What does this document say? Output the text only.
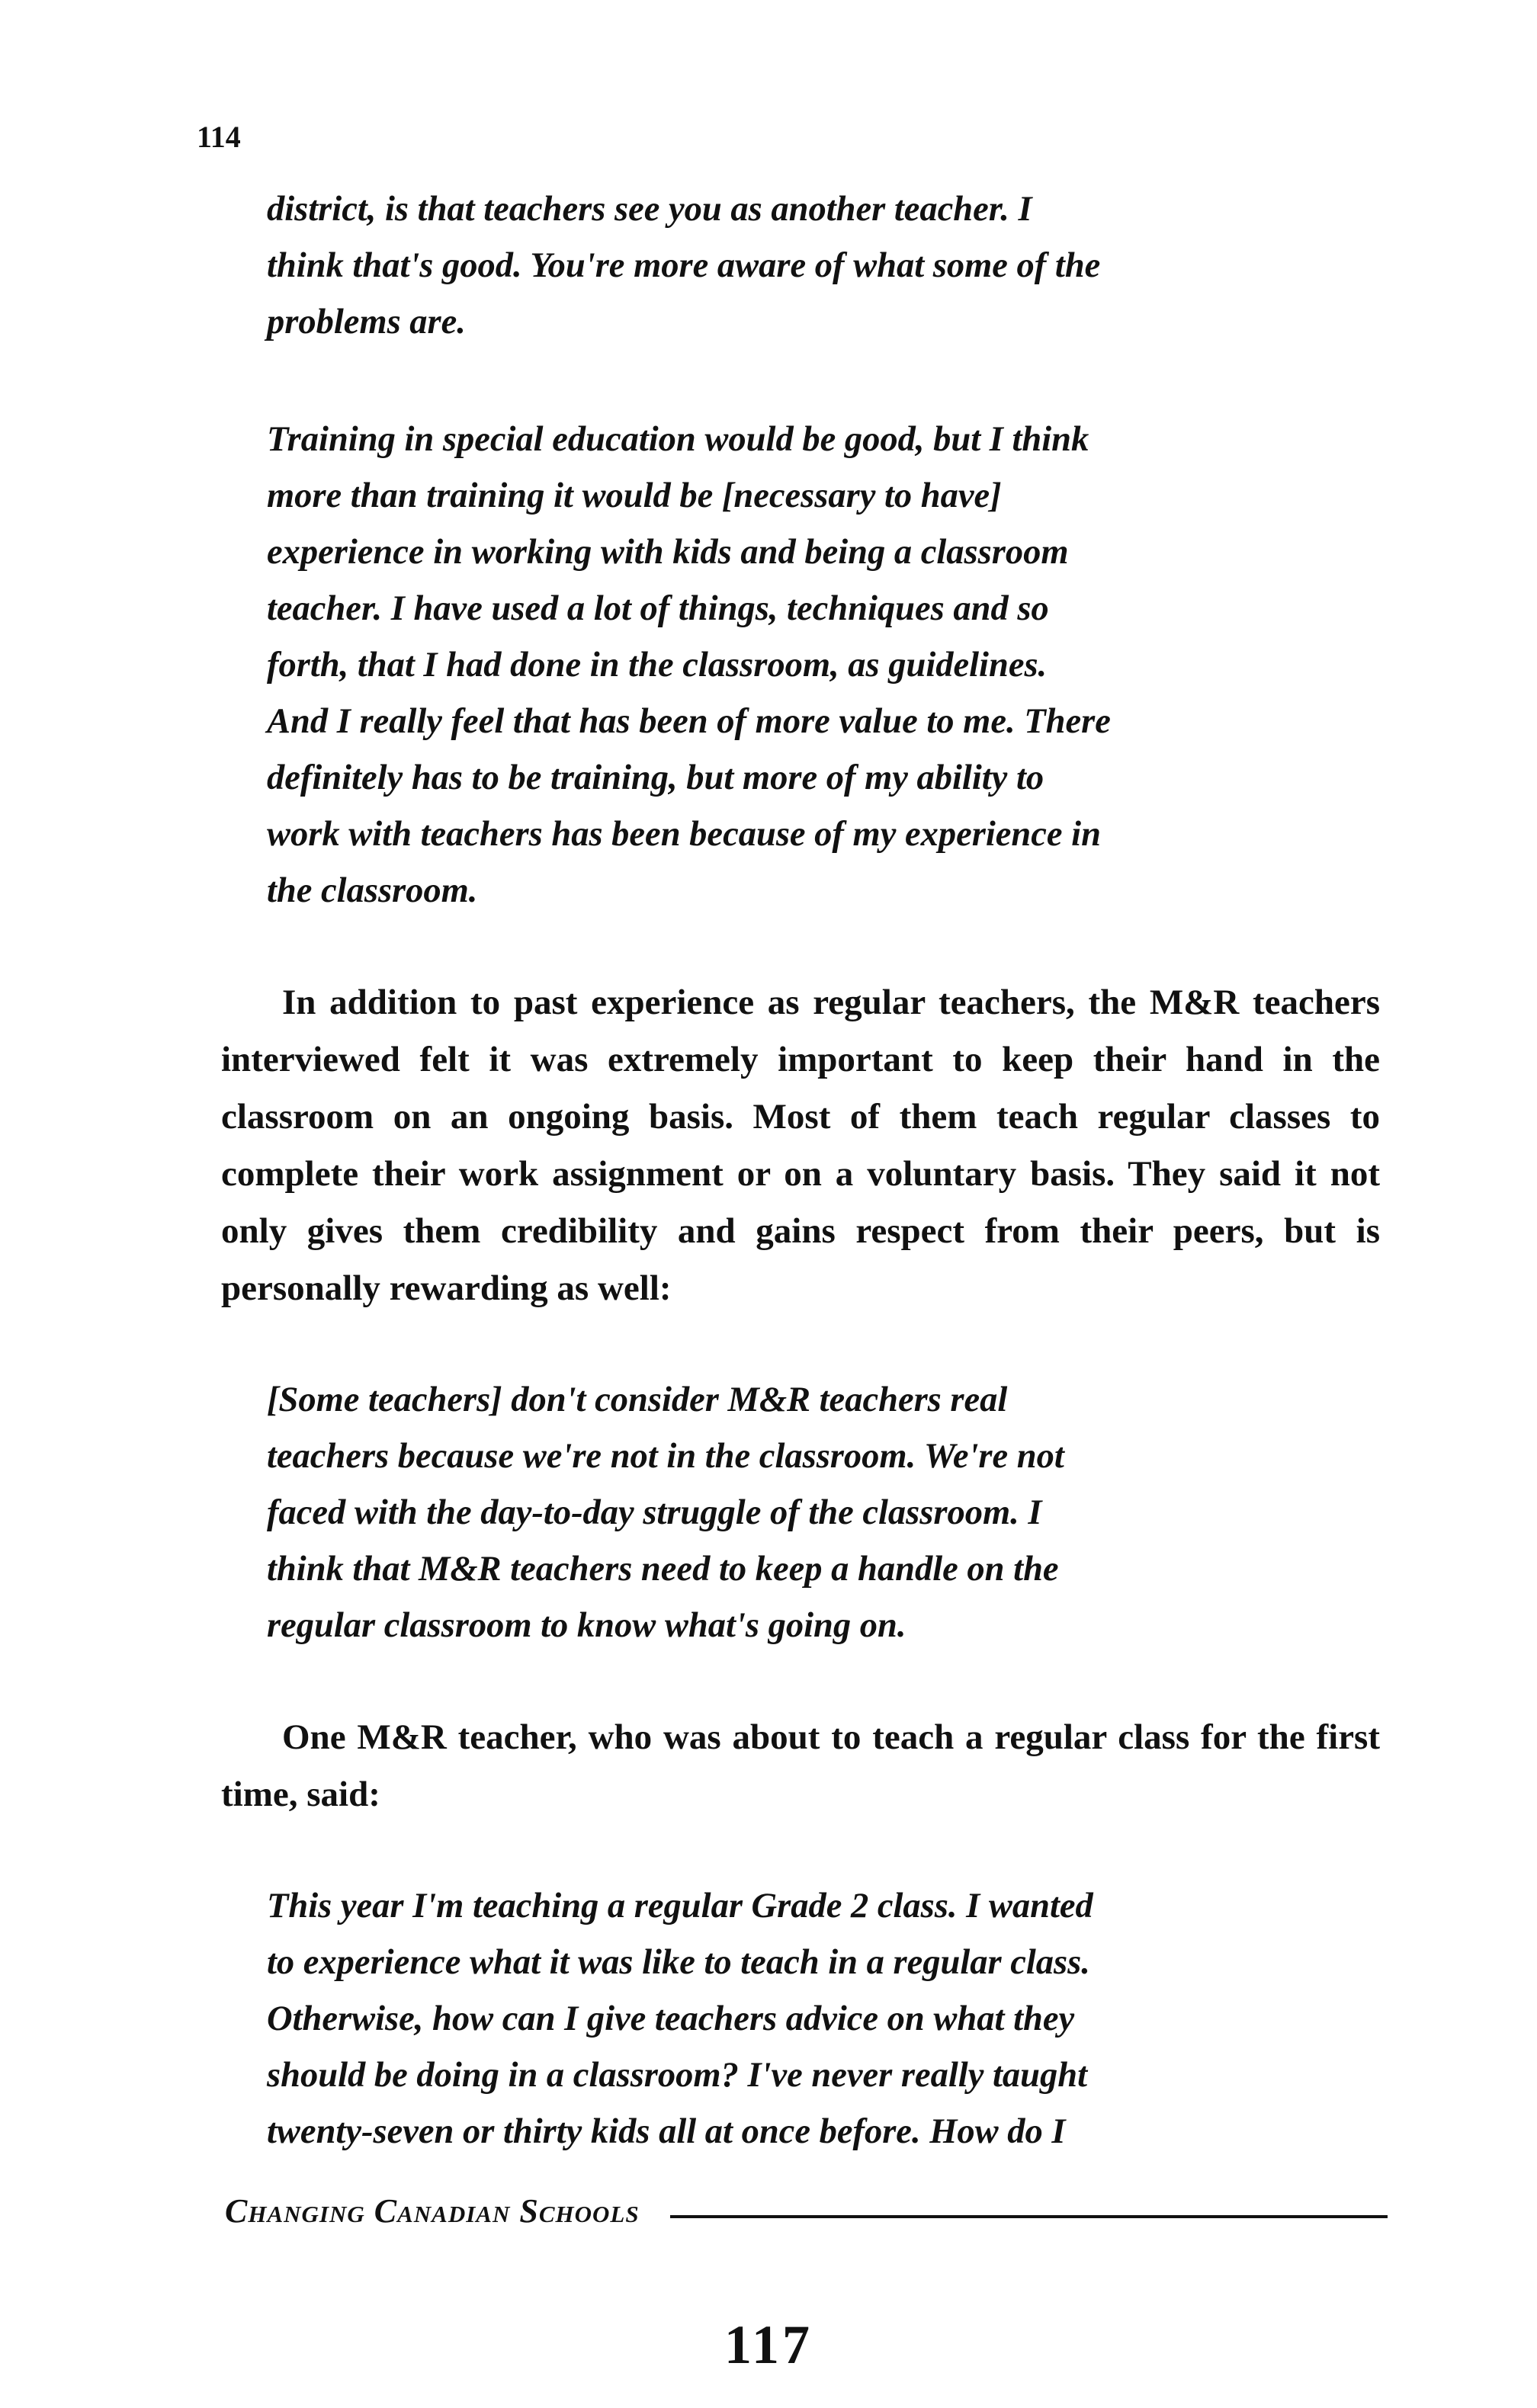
114
district, is that teachers see you as another teacher. I
think that's good. You're more aware of what some of the
problems are.
Training in special education would be good, but I think
more than training it would be [necessary to have]
experience in working with kids and being a classroom
teacher. I have used a lot of things, techniques and so
forth, that I had done in the classroom, as guidelines.
And I really feel that has been of more value to me. There
definitely has to be training, but more of my ability to
work with teachers has been because of my experience in
the classroom.

In addition to past experience as regular teachers, the M&R teachers interviewed felt it was extremely important to keep their hand in the classroom on an ongoing basis. Most of them teach regular classes to complete their work assignment or on a voluntary basis. They said it not only gives them credibility and gains respect from their peers, but is personally rewarding as well:

[Some teachers] don't consider M&R teachers real
teachers because we're not in the classroom. We're not
faced with the day-to-day struggle of the classroom. I
think that M&R teachers need to keep a handle on the
regular classroom to know what's going on.

One M&R teacher, who was about to teach a regular class for the first time, said:

This year I'm teaching a regular Grade 2 class. I wanted
to experience what it was like to teach in a regular class.
Otherwise, how can I give teachers advice on what they
should be doing in a classroom? I've never really taught
twenty-seven or thirty kids all at once before. How do I
Changing Canadian Schools
117
